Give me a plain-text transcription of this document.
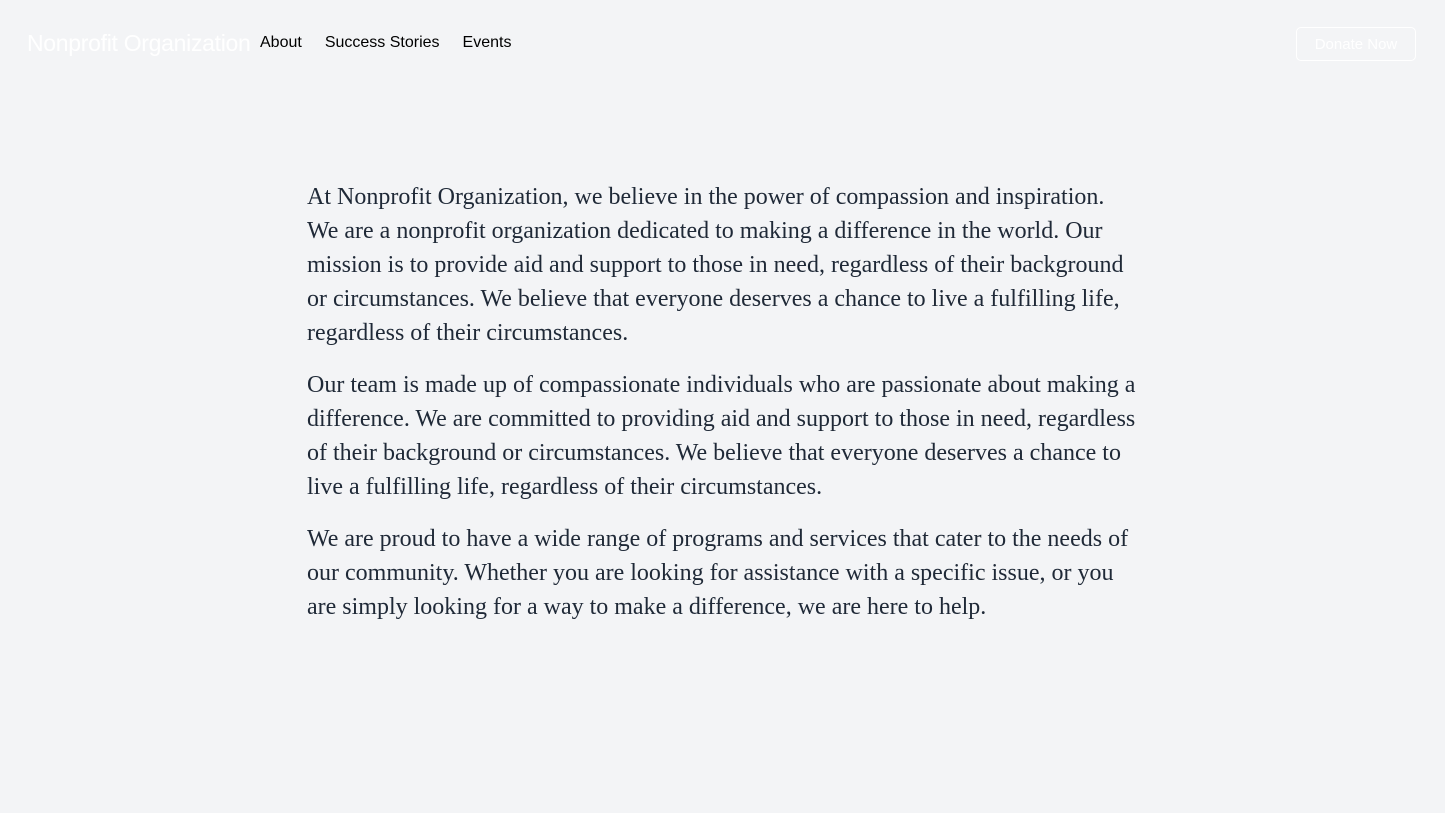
Nonprofit Organization About Success Stories Events	Donate Now

At Nonprofit Organization, we believe in the power of compassion and inspiration. We are a nonprofit organization dedicated to making a difference in the world. Our mission is to provide aid and support to those in need, regardless of their background or circumstances. We believe that everyone deserves a chance to live a fulfilling life, regardless of their circumstances.

Our team is made up of compassionate individuals who are passionate about making a difference. We are committed to providing aid and support to those in need, regardless of their background or circumstances. We believe that everyone deserves a chance to live a fulfilling life, regardless of their circumstances.

We are proud to have a wide range of programs and services that cater to the needs of our community. Whether you are looking for assistance with a specific issue, or you are simply looking for a way to make a difference, we are here to help.
